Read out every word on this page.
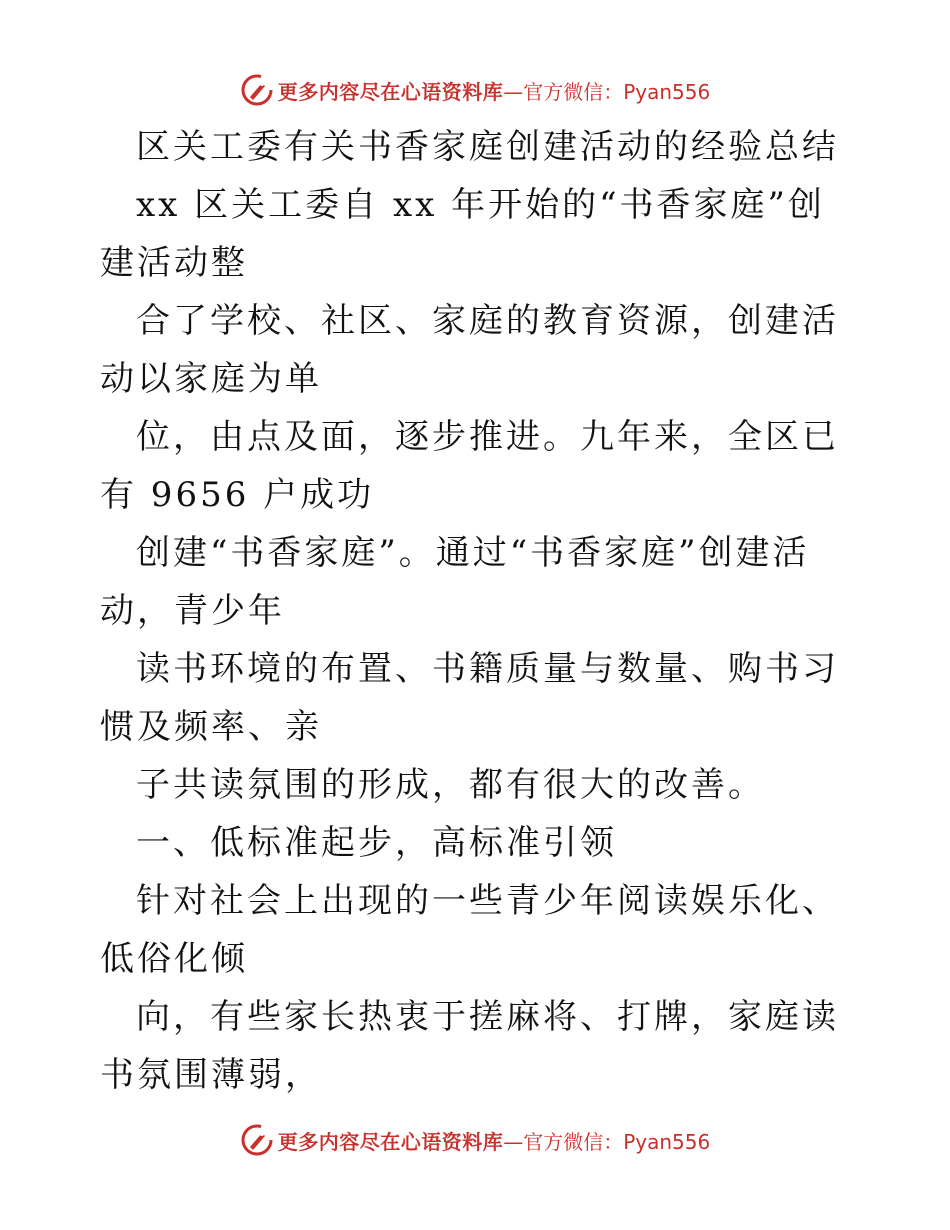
更多内容尽在心语资料库 —官方微信：Pyan556

区关工委有关书香家庭创建活动的经验总结

xx 区关工委自 xx 年开始的“书香家庭”创建活动整

合了学校、社区、家庭的教育资源，创建活动以家庭为单

位，由点及面，逐步推进。九年来，全区已有 9656 户成功

创建“书香家庭”。通过“书香家庭”创建活动，青少年

读书环境的布置、书籍质量与数量、购书习惯及频率、亲

子共读氛围的形成，都有很大的改善。

一、低标准起步，高标准引领

针对社会上出现的一些青少年阅读娱乐化、低俗化倾

向，有些家长热衷于搓麻将、打牌，家庭读书氛围薄弱，

更多内容尽在心语资料库 —官方微信：Pyan556
